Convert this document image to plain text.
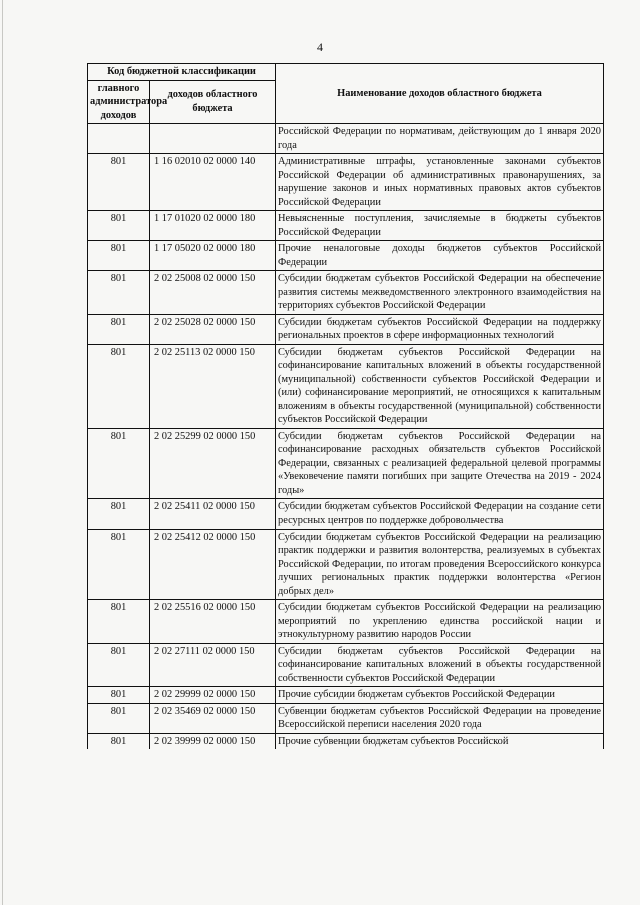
4
Код бюджетной классификации		Наименование доходов областного бюджета
главного администратора доходов	доходов областного бюджета	
		Российской Федерации по нормативам, действующим до 1 января 2020 года
801	1 16 02010 02 0000 140	Административные штрафы, установленные законами субъектов Российской Федерации об административных правонарушениях, за нарушение законов и иных нормативных правовых актов субъектов Российской Федерации
801	1 17 01020 02 0000 180	Невыясненные поступления, зачисляемые в бюджеты субъектов Российской Федерации
801	1 17 05020 02 0000 180	Прочие неналоговые доходы бюджетов субъектов Российской Федерации
801	2 02 25008 02 0000 150	Субсидии бюджетам субъектов Российской Федерации на обеспечение развития системы межведомственного электронного взаимодействия на территориях субъектов Российской Федерации
801	2 02 25028 02 0000 150	Субсидии бюджетам субъектов Российской Федерации на поддержку региональных проектов в сфере информационных технологий
801	2 02 25113 02 0000 150	Субсидии бюджетам субъектов Российской Федерации на софинансирование капитальных вложений в объекты государственной (муниципальной) собственности субъектов Российской Федерации и (или) софинансирование мероприятий, не относящихся к капитальным вложениям в объекты государственной (муниципальной) собственности субъектов Российской Федерации
801	2 02 25299 02 0000 150	Субсидии бюджетам субъектов Российской Федерации на софинансирование расходных обязательств субъектов Российской Федерации, связанных с реализацией федеральной целевой программы «Увековечение памяти погибших при защите Отечества на 2019 - 2024 годы»
801	2 02 25411 02 0000 150	Субсидии бюджетам субъектов Российской Федерации на создание сети ресурсных центров по поддержке добровольчества
801	2 02 25412 02 0000 150	Субсидии бюджетам субъектов Российской Федерации на реализацию практик поддержки и развития волонтерства, реализуемых в субъектах Российской Федерации, по итогам проведения Всероссийского конкурса лучших региональных практик поддержки волонтерства «Регион добрых дел»
801	2 02 25516 02 0000 150	Субсидии бюджетам субъектов Российской Федерации на реализацию мероприятий по укреплению единства российской нации и этнокультурному развитию народов России
801	2 02 27111 02 0000 150	Субсидии бюджетам субъектов Российской Федерации на софинансирование капитальных вложений в объекты государственной собственности субъектов Российской Федерации
801	2 02 29999 02 0000 150	Прочие субсидии бюджетам субъектов Российской Федерации
801	2 02 35469 02 0000 150	Субвенции бюджетам субъектов Российской Федерации на проведение Всероссийской переписи населения 2020 года
801	2 02 39999 02 0000 150	Прочие субвенции бюджетам субъектов Российской
